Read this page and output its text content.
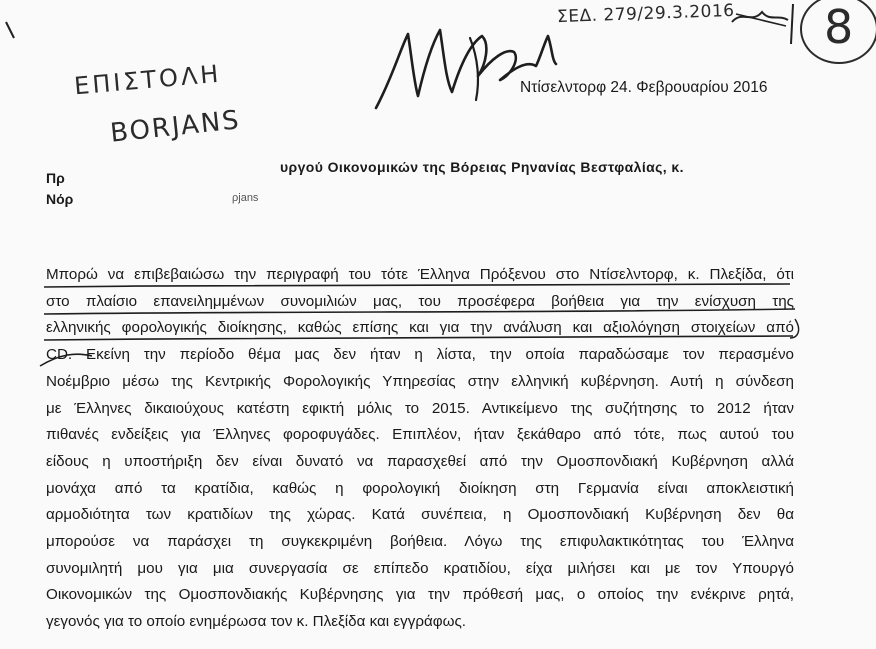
ΣΕΔ. 279/29.3.2016 8
ΕΠΙΣΤΟΛΗ
BORJANS
Ντίσελντορφ 24. Φεβρουαρίου 2016
Πρ
υργού Οικονομικών της Βόρειας Ρηνανίας Βεστφαλίας, κ.
Νόρ	ρjans
Μπορώ να επιβεβαιώσω την περιγραφή του τότε Έλληνα Πρόξενου στο Ντίσελντορφ, κ. Πλεξίδα, ότι
στο πλαίσιο επανειλημμένων συνομιλιών μας, του προσέφερα βοήθεια για την ενίσχυση της
ελληνικής φορολογικής διοίκησης, καθώς επίσης και για την ανάλυση και αξιολόγηση στοιχείων από
CD. Εκείνη την περίοδο θέμα μας δεν ήταν η λίστα, την οποία παραδώσαμε τον περασμένο
Νοέμβριο μέσω της Κεντρικής Φορολογικής Υπηρεσίας στην ελληνική κυβέρνηση. Αυτή η σύνδεση
με Έλληνες δικαιούχους κατέστη εφικτή μόλις το 2015. Αντικείμενο της συζήτησης το 2012 ήταν
πιθανές ενδείξεις για Έλληνες φοροφυγάδες. Επιπλέον, ήταν ξεκάθαρο από τότε, πως αυτού του
είδους η υποστήριξη δεν είναι δυνατό να παρασχεθεί από την Ομοσπονδιακή Κυβέρνηση αλλά
μονάχα από τα κρατίδια, καθώς η φορολογική διοίκηση στη Γερμανία είναι αποκλειστική
αρμοδιότητα των κρατιδίων της χώρας. Κατά συνέπεια, η Ομοσπονδιακή Κυβέρνηση δεν θα
μπορούσε να παράσχει τη συγκεκριμένη βοήθεια. Λόγω της επιφυλακτικότητας του Έλληνα
συνομιλητή μου για μια συνεργασία σε επίπεδο κρατιδίου, είχα μιλήσει και με τον Υπουργό
Οικονομικών της Ομοσπονδιακής Κυβέρνησης για την πρόθεσή μας, ο οποίος την ενέκρινε ρητά,
γεγονός για το οποίο ενημέρωσα τον κ. Πλεξίδα και εγγράφως.
